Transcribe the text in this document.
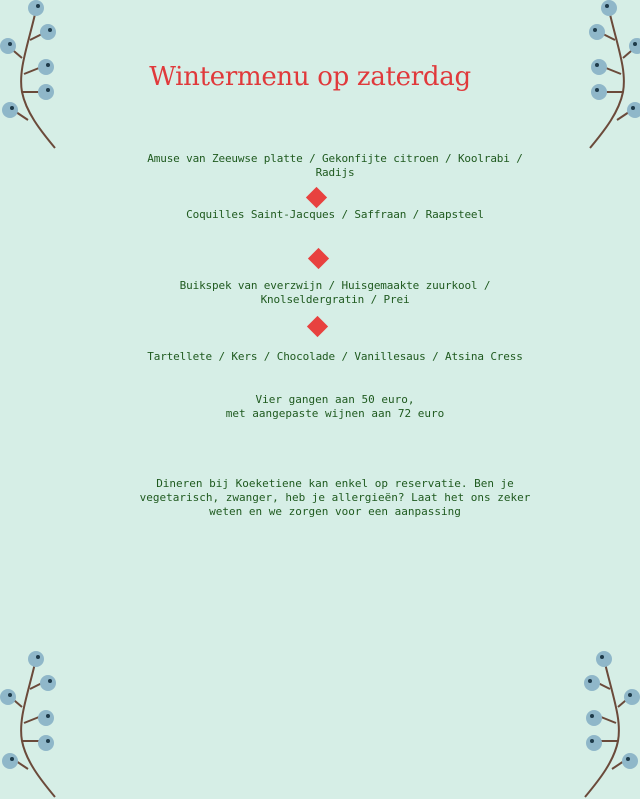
Wintermenu op zaterdag
Amuse van Zeeuwse platte / Gekonfijte citroen / Koolrabi /
Radijs
Coquilles Saint-Jacques / Saffraan / Raapsteel
Buikspek van everzwijn / Huisgemaakte zuurkool /
Knolseldergratin / Prei
Tartellete / Kers / Chocolade / Vanillesaus / Atsina Cress
Vier gangen aan 50 euro,
met aangepaste wijnen aan 72 euro
Dineren bij Koeketiene kan enkel op reservatie. Ben je
vegetarisch, zwanger, heb je allergieën? Laat het ons zeker
weten en we zorgen voor een aanpassing
